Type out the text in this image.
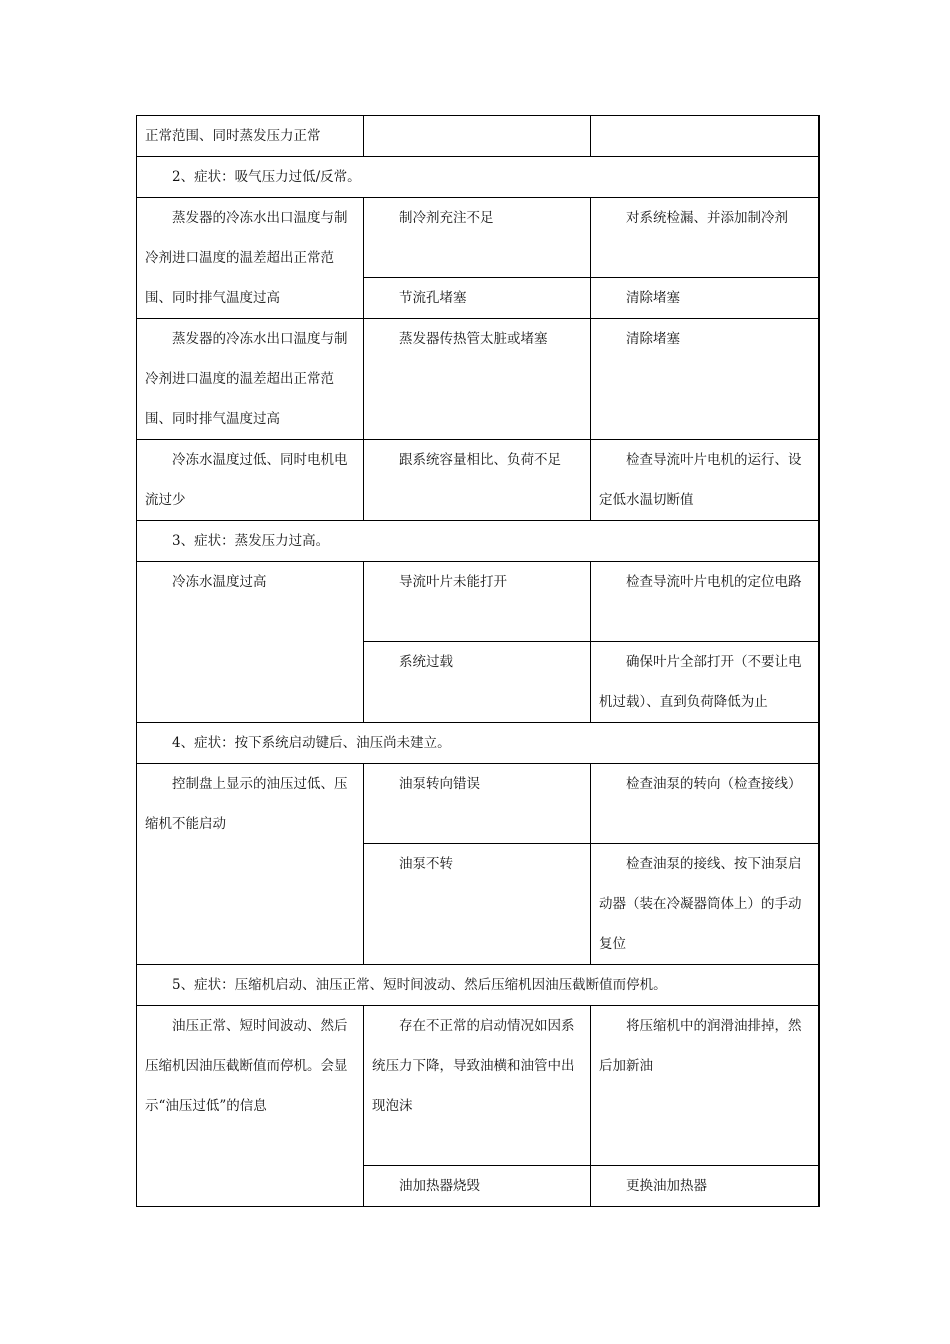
正常范围、同时蒸发压力正常		
2、症状：吸气压力过低/反常。		
蒸发器的冷冻水出口温度与制冷剂进口温度的温差超出正常范围、同时排气温度过高	制冷剂充注不足	对系统检漏、并添加制冷剂
	节流孔堵塞	清除堵塞
蒸发器的冷冻水出口温度与制冷剂进口温度的温差超出正常范围、同时排气温度过高	蒸发器传热管太脏或堵塞	清除堵塞
冷冻水温度过低、同时电机电流过少	跟系统容量相比、负荷不足	检查导流叶片电机的运行、设定低水温切断值
3、症状：蒸发压力过高。		
冷冻水温度过高	导流叶片未能打开	检查导流叶片电机的定位电路
	系统过载	确保叶片全部打开（不要让电机过载）、直到负荷降低为止
4、症状：按下系统启动键后、油压尚未建立。		
控制盘上显示的油压过低、压缩机不能启动	油泵转向错误	检查油泵的转向（检查接线）
	油泵不转	检查油泵的接线、按下油泵启动器（装在冷凝器筒体上）的手动复位
5、症状：压缩机启动、油压正常、短时间波动、然后压缩机因油压截断值而停机。		
油压正常、短时间波动、然后压缩机因油压截断值而停机。会显示“油压过低”的信息	存在不正常的启动情况如因系统压力下降，导致油横和油管中出现泡沫	将压缩机中的润滑油排掉，然后加新油
	油加热器烧毁	更换油加热器
